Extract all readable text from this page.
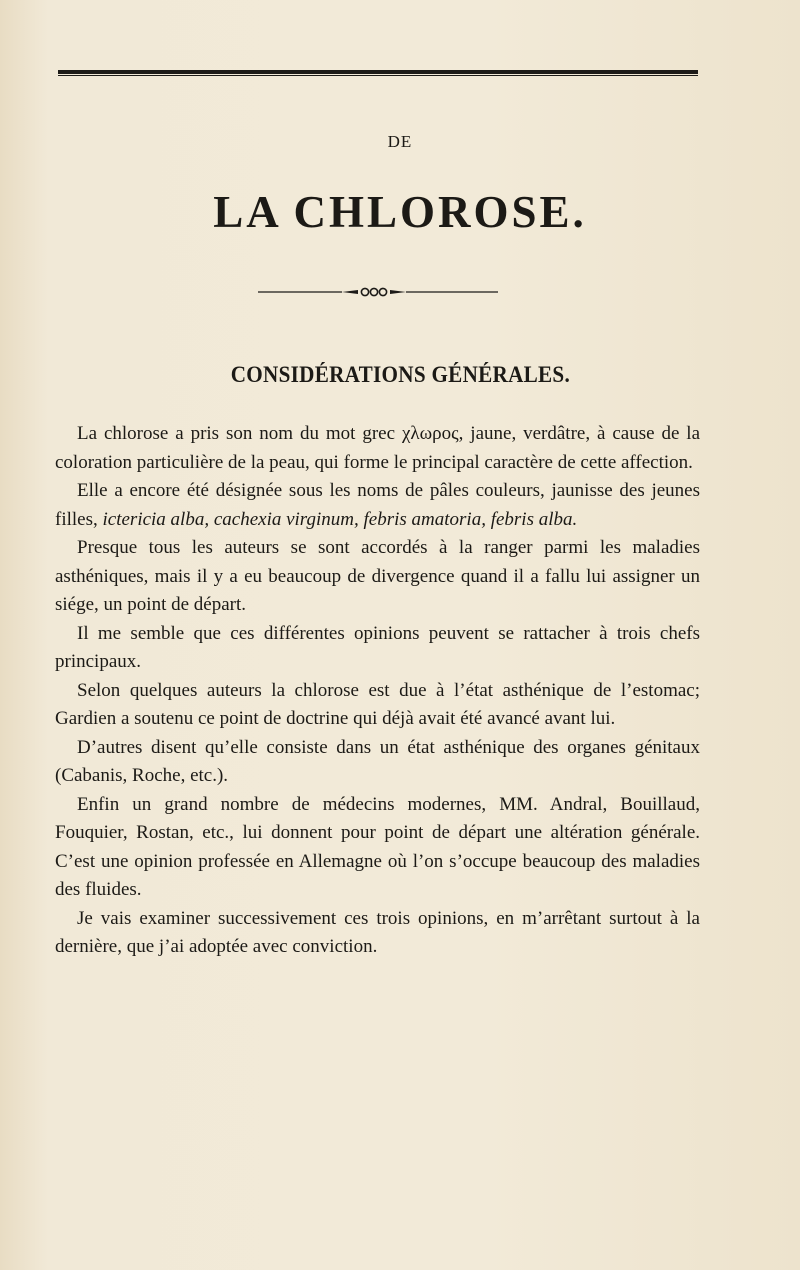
DE
LA CHLOROSE.
CONSIDÉRATIONS GÉNÉRALES.

La chlorose a pris son nom du mot grec χλωρος, jaune, verdâtre, à cause de la coloration particulière de la peau, qui forme le principal caractère de cette affection.

Elle a encore été désignée sous les noms de pâles couleurs, jaunisse des jeunes filles, ictericia alba, cachexia virginum, febris amatoria, febris alba.

Presque tous les auteurs se sont accordés à la ranger parmi les maladies asthéniques, mais il y a eu beaucoup de divergence quand il a fallu lui assigner un siége, un point de départ.

Il me semble que ces différentes opinions peuvent se rattacher à trois chefs principaux.

Selon quelques auteurs la chlorose est due à l’état asthénique de l’estomac; Gardien a soutenu ce point de doctrine qui déjà avait été avancé avant lui.

D’autres disent qu’elle consiste dans un état asthénique des organes génitaux (Cabanis, Roche, etc.).

Enfin un grand nombre de médecins modernes, MM. Andral, Bouillaud, Fouquier, Rostan, etc., lui donnent pour point de départ une altération générale. C’est une opinion professée en Allemagne où l’on s’occupe beaucoup des maladies des fluides.

Je vais examiner successivement ces trois opinions, en m’arrêtant surtout à la dernière, que j’ai adoptée avec conviction.
